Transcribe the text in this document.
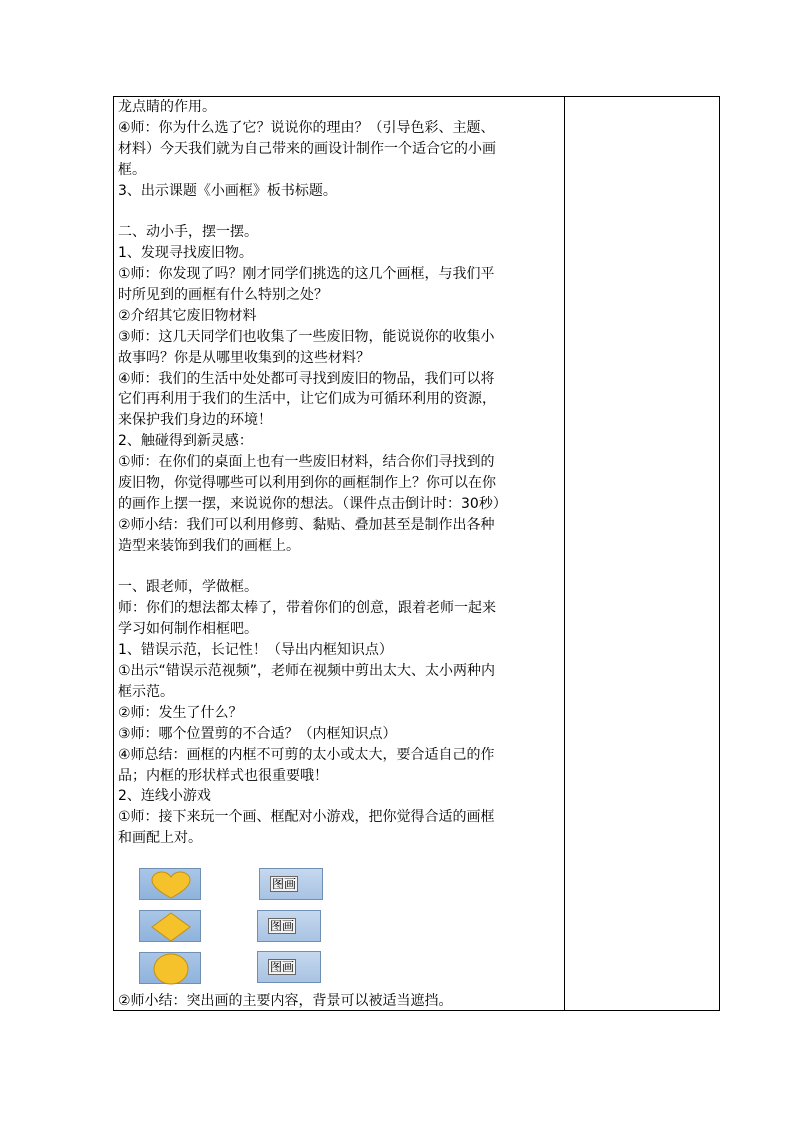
龙点睛的作用。
④师：你为什么选了它？说说你的理由？（引导色彩、主题、
材料）今天我们就为自己带来的画设计制作一个适合它的小画
框。
3、出示课题《小画框》板书标题。
二、动小手，摆一摆。
1、发现寻找废旧物。
①师：你发现了吗？刚才同学们挑选的这几个画框，与我们平
时所见到的画框有什么特别之处？
②介绍其它废旧物材料
③师：这几天同学们也收集了一些废旧物，能说说你的收集小
故事吗？你是从哪里收集到的这些材料？
④师：我们的生活中处处都可寻找到废旧的物品，我们可以将
它们再利用于我们的生活中，让它们成为可循环利用的资源，
来保护我们身边的环境！
2、触碰得到新灵感：
①师：在你们的桌面上也有一些废旧材料，结合你们寻找到的
废旧物，你觉得哪些可以利用到你的画框制作上？你可以在你
的画作上摆一摆，来说说你的想法。（课件点击倒计时：30秒）
②师小结：我们可以利用修剪、黏贴、叠加甚至是制作出各种
造型来装饰到我们的画框上。
一、跟老师，学做框。
师：你们的想法都太棒了，带着你们的创意，跟着老师一起来
学习如何制作相框吧。
1、错误示范，长记性！（导出内框知识点）
①出示“错误示范视频”，老师在视频中剪出太大、太小两种内
框示范。
②师：发生了什么？
③师：哪个位置剪的不合适？（内框知识点）
④师总结：画框的内框不可剪的太小或太大，要合适自己的作
品；内框的形状样式也很重要哦！
2、连线小游戏
①师：接下来玩一个画、框配对小游戏，把你觉得合适的画框
和画配上对。
图画
图画
图画
②师小结：突出画的主要内容，背景可以被适当遮挡。
